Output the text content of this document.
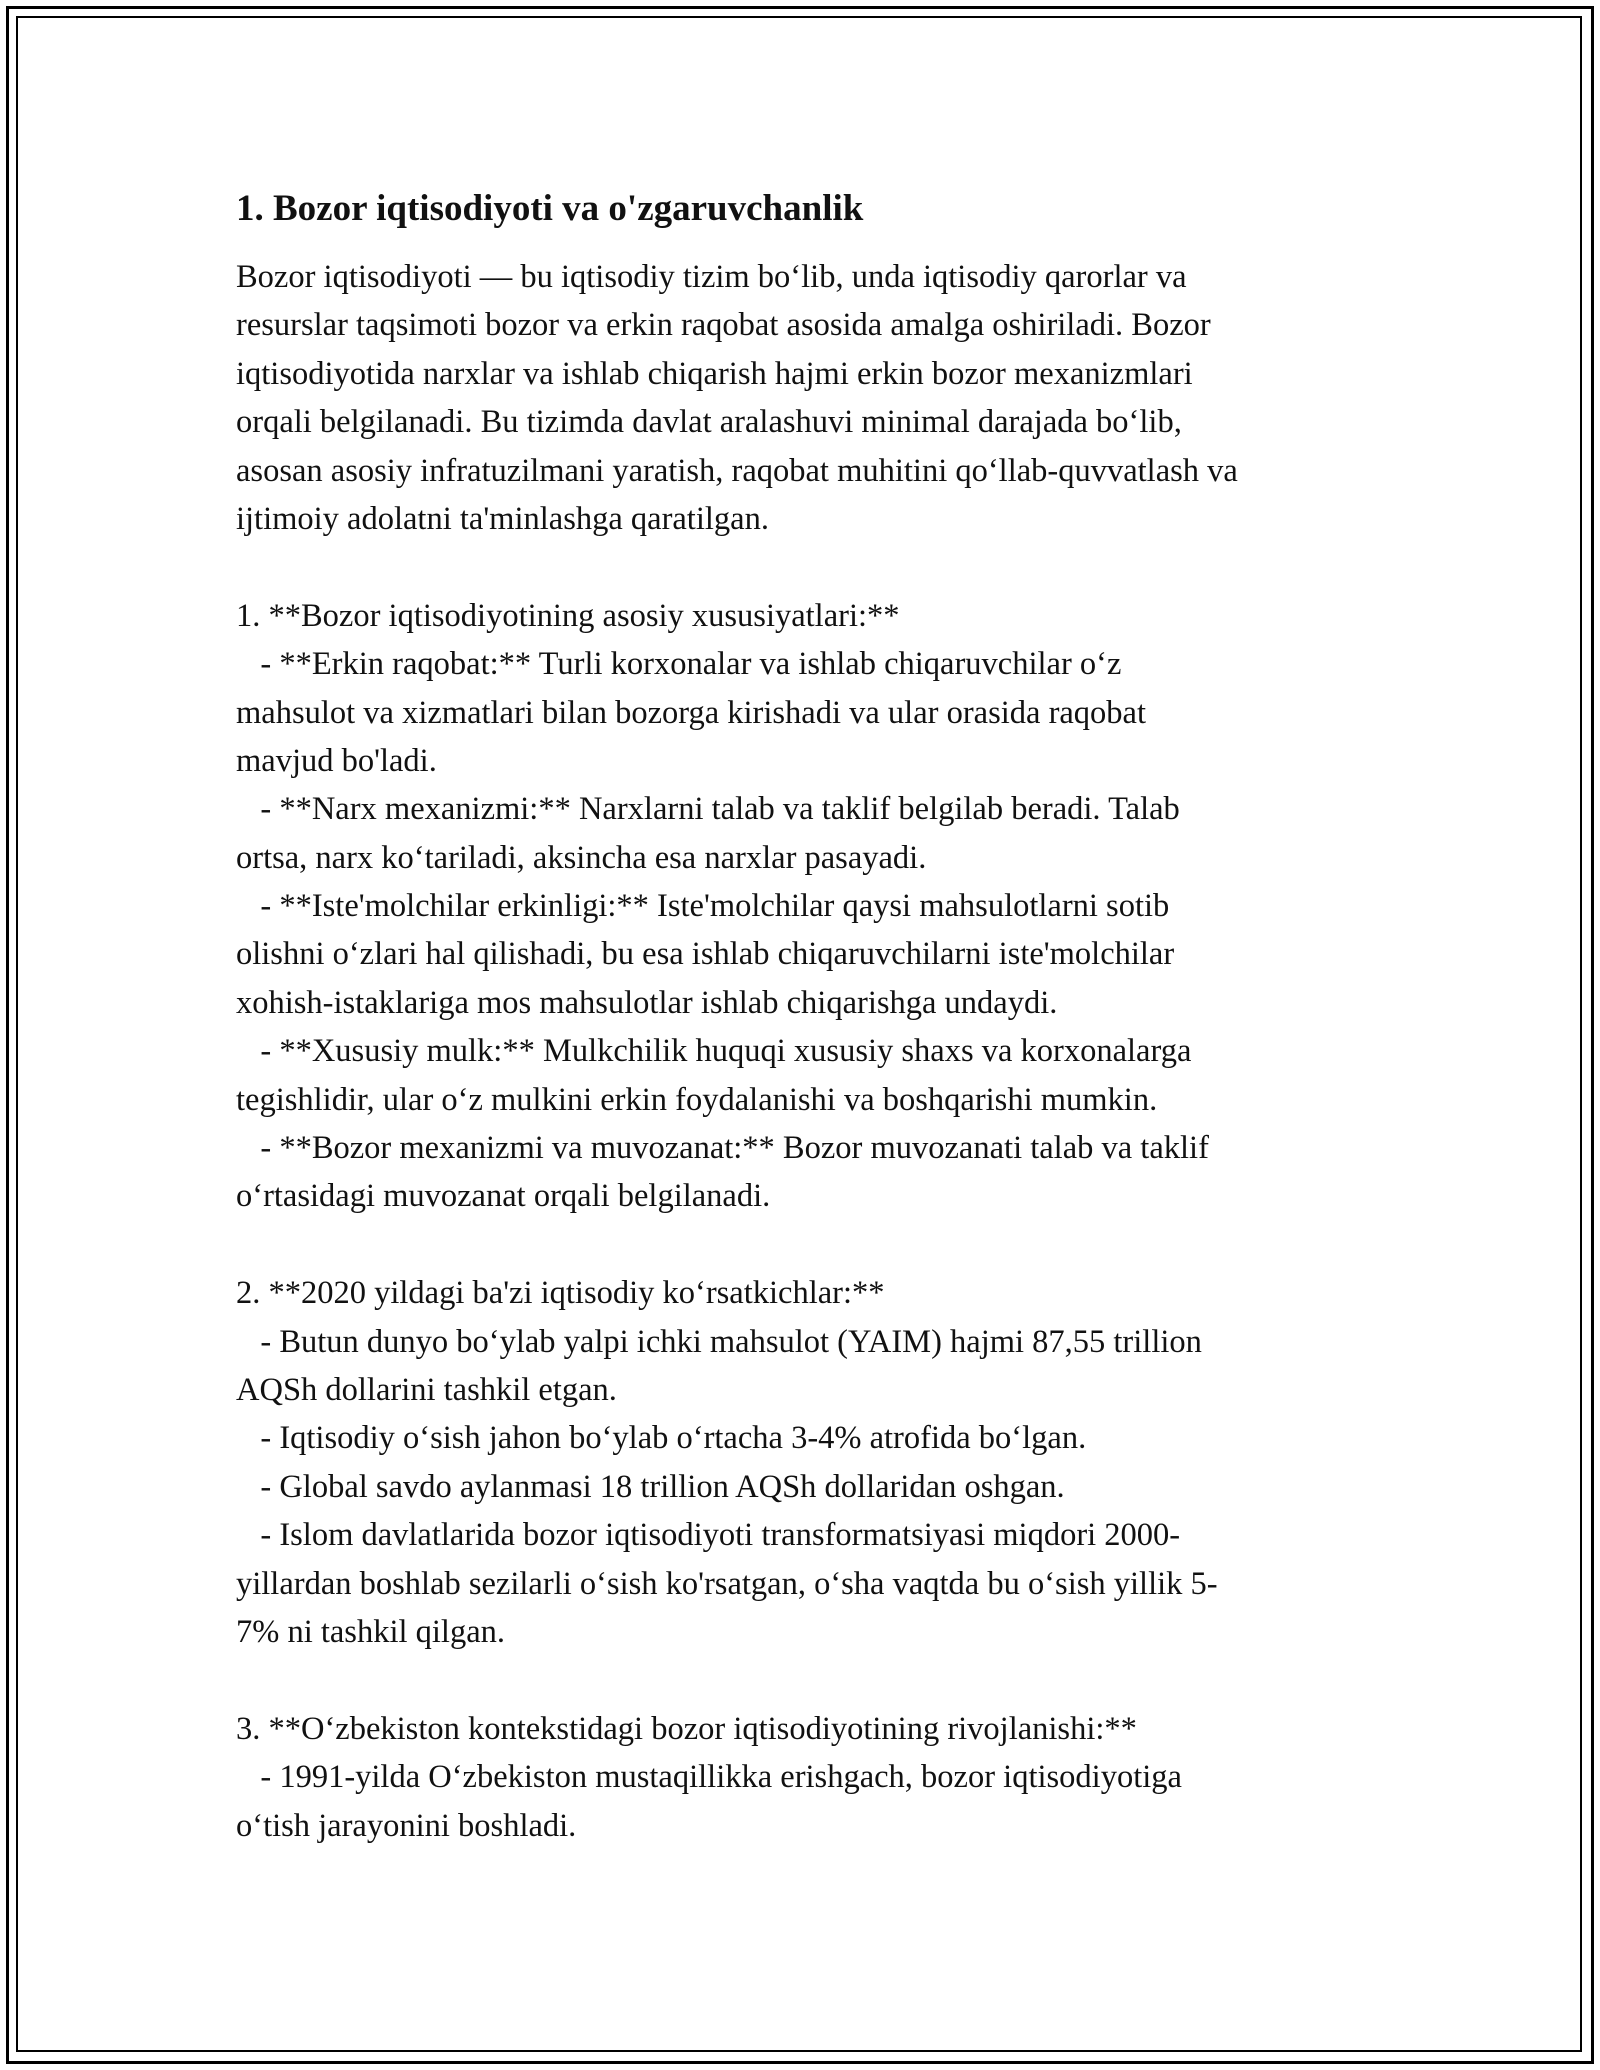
1. Bozor iqtisodiyoti va o'zgaruvchanlik
Bozor iqtisodiyoti — bu iqtisodiy tizim bo‘lib, unda iqtisodiy qarorlar va
resurslar taqsimoti bozor va erkin raqobat asosida amalga oshiriladi. Bozor
iqtisodiyotida narxlar va ishlab chiqarish hajmi erkin bozor mexanizmlari
orqali belgilanadi. Bu tizimda davlat aralashuvi minimal darajada bo‘lib,
asosan asosiy infratuzilmani yaratish, raqobat muhitini qo‘llab-quvvatlash va
ijtimoiy adolatni ta'minlashga qaratilgan.
1. **Bozor iqtisodiyotining asosiy xususiyatlari:**
- **Erkin raqobat:** Turli korxonalar va ishlab chiqaruvchilar o‘z
mahsulot va xizmatlari bilan bozorga kirishadi va ular orasida raqobat
mavjud bo'ladi.
- **Narx mexanizmi:** Narxlarni talab va taklif belgilab beradi. Talab
ortsa, narx ko‘tariladi, aksincha esa narxlar pasayadi.
- **Iste'molchilar erkinligi:** Iste'molchilar qaysi mahsulotlarni sotib
olishni o‘zlari hal qilishadi, bu esa ishlab chiqaruvchilarni iste'molchilar
xohish-istaklariga mos mahsulotlar ishlab chiqarishga undaydi.
- **Xususiy mulk:** Mulkchilik huquqi xususiy shaxs va korxonalarga
tegishlidir, ular o‘z mulkini erkin foydalanishi va boshqarishi mumkin.
- **Bozor mexanizmi va muvozanat:** Bozor muvozanati talab va taklif
o‘rtasidagi muvozanat orqali belgilanadi.
2. **2020 yildagi ba'zi iqtisodiy ko‘rsatkichlar:**
- Butun dunyo bo‘ylab yalpi ichki mahsulot (YAIM) hajmi 87,55 trillion
AQSh dollarini tashkil etgan.
- Iqtisodiy o‘sish jahon bo‘ylab o‘rtacha 3-4% atrofida bo‘lgan.
- Global savdo aylanmasi 18 trillion AQSh dollaridan oshgan.
- Islom davlatlarida bozor iqtisodiyoti transformatsiyasi miqdori 2000-
yillardan boshlab sezilarli o‘sish ko'rsatgan, o‘sha vaqtda bu o‘sish yillik 5-
7% ni tashkil qilgan.
3. **O‘zbekiston kontekstidagi bozor iqtisodiyotining rivojlanishi:**
- 1991-yilda O‘zbekiston mustaqillikka erishgach, bozor iqtisodiyotiga
o‘tish jarayonini boshladi.
